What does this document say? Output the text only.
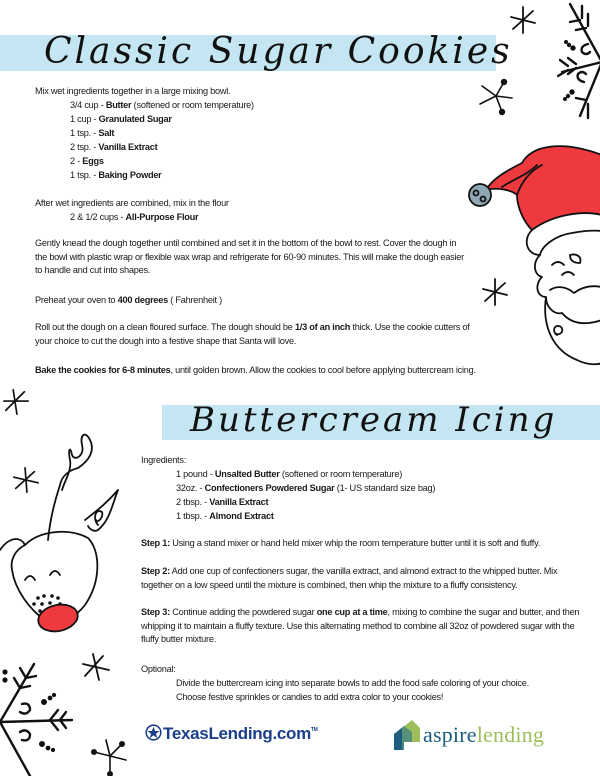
Classic Sugar Cookies
Mix wet ingredients together in a large mixing bowl.
3/4 cup - Butter (softened or room temperature)
1 cup - Granulated Sugar
1 tsp. - Salt
2 tsp. - Vanilla Extract
2 - Eggs
1 tsp. - Baking Powder
After wet ingredients are combined, mix in the flour
2 & 1/2 cups - All-Purpose Flour
Gently knead the dough together until combined and set it in the bottom of the bowl to rest. Cover the dough in the bowl with plastic wrap or flexible wax wrap and refrigerate for 60-90 minutes. This will make the dough easier to handle and cut into shapes.
Preheat your oven to 400 degrees ( Fahrenheit )
Roll out the dough on a clean floured surface. The dough should be 1/3 of an inch thick. Use the cookie cutters of your choice to cut the dough into a festive shape that Santa will love.
Bake the cookies for 6-8 minutes, until golden brown. Allow the cookies to cool before applying buttercream icing.
Buttercream Icing
Ingredients:
1 pound - Unsalted Butter (softened or room temperature)
32oz. - Confectioners Powdered Sugar (1- US standard size bag)
2 tbsp. - Vanilla Extract
1 tbsp. - Almond Extract
Step 1: Using a stand mixer or hand held mixer whip the room temperature butter until it is soft and fluffy.
Step 2: Add one cup of confectioners sugar, the vanilla extract, and almond extract to the whipped butter. Mix together on a low speed until the mixture is combined, then whip the mixture to a fluffy consistency.
Step 3: Continue adding the powdered sugar one cup at a time, mixing to combine the sugar and butter, and then whipping it to maintain a fluffy texture. Use this alternating method to combine all 32oz of powdered sugar with the fluffy butter mixture.
Optional:
Divide the buttercream icing into separate bowls to add the food safe coloring of your choice.
Choose festive sprinkles or candies to add extra color to your cookies!
TexasLending.com™	aspirelending
